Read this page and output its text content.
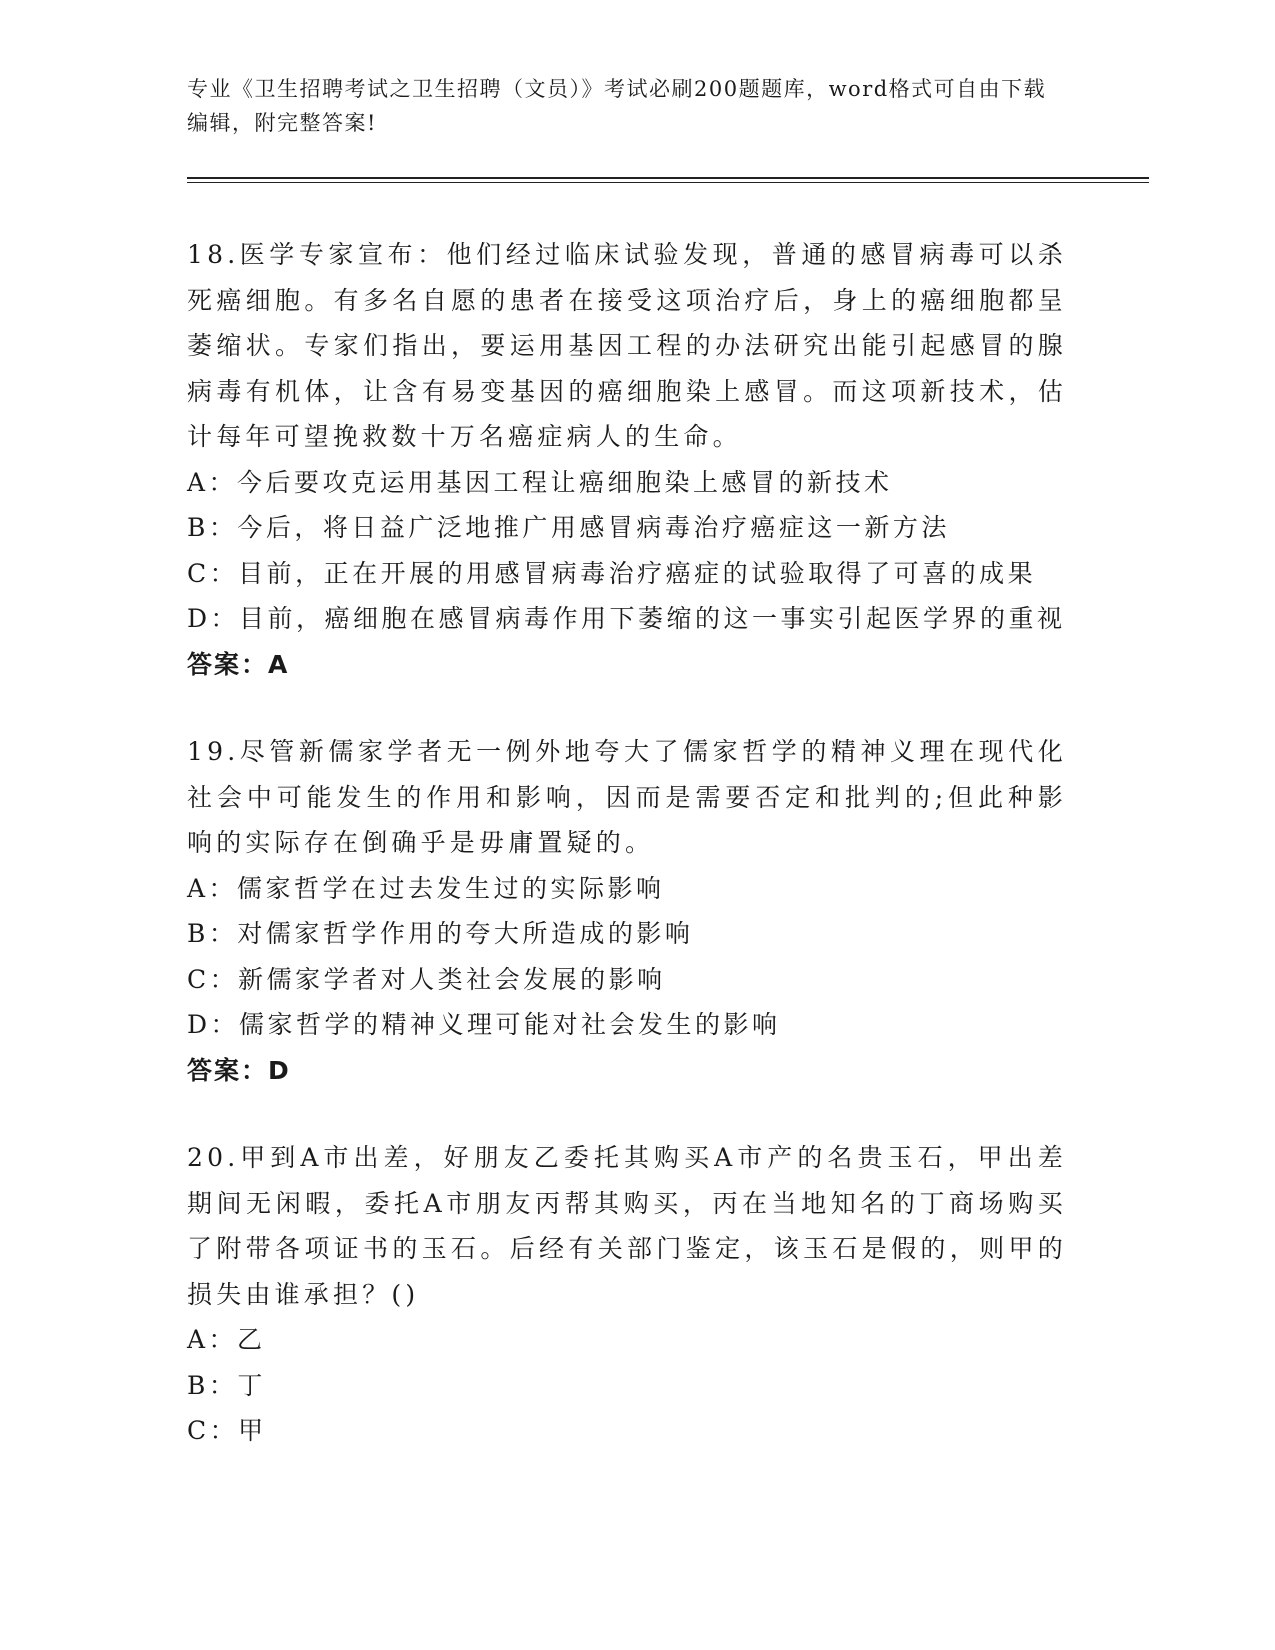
专业《卫生招聘考试之卫生招聘（文员）》考试必刷200题题库，word格式可自由下载编辑，附完整答案!

18.医学专家宣布：他们经过临床试验发现，普通的感冒病毒可以杀死癌细胞。有多名自愿的患者在接受这项治疗后，身上的癌细胞都呈萎缩状。专家们指出，要运用基因工程的办法研究出能引起感冒的腺病毒有机体，让含有易变基因的癌细胞染上感冒。而这项新技术，估计每年可望挽救数十万名癌症病人的生命。

A：今后要攻克运用基因工程让癌细胞染上感冒的新技术

B：今后，将日益广泛地推广用感冒病毒治疗癌症这一新方法

C：目前，正在开展的用感冒病毒治疗癌症的试验取得了可喜的成果

D：目前，癌细胞在感冒病毒作用下萎缩的这一事实引起医学界的重视

答案：A

19.尽管新儒家学者无一例外地夸大了儒家哲学的精神义理在现代化社会中可能发生的作用和影响，因而是需要否定和批判的;但此种影响的实际存在倒确乎是毋庸置疑的。

A：儒家哲学在过去发生过的实际影响

B：对儒家哲学作用的夸大所造成的影响

C：新儒家学者对人类社会发展的影响

D：儒家哲学的精神义理可能对社会发生的影响

答案：D

20.甲到A市出差，好朋友乙委托其购买A市产的名贵玉石，甲出差期间无闲暇，委托A市朋友丙帮其购买，丙在当地知名的丁商场购买了附带各项证书的玉石。后经有关部门鉴定，该玉石是假的，则甲的损失由谁承担？()

A：乙

B：丁

C：甲
